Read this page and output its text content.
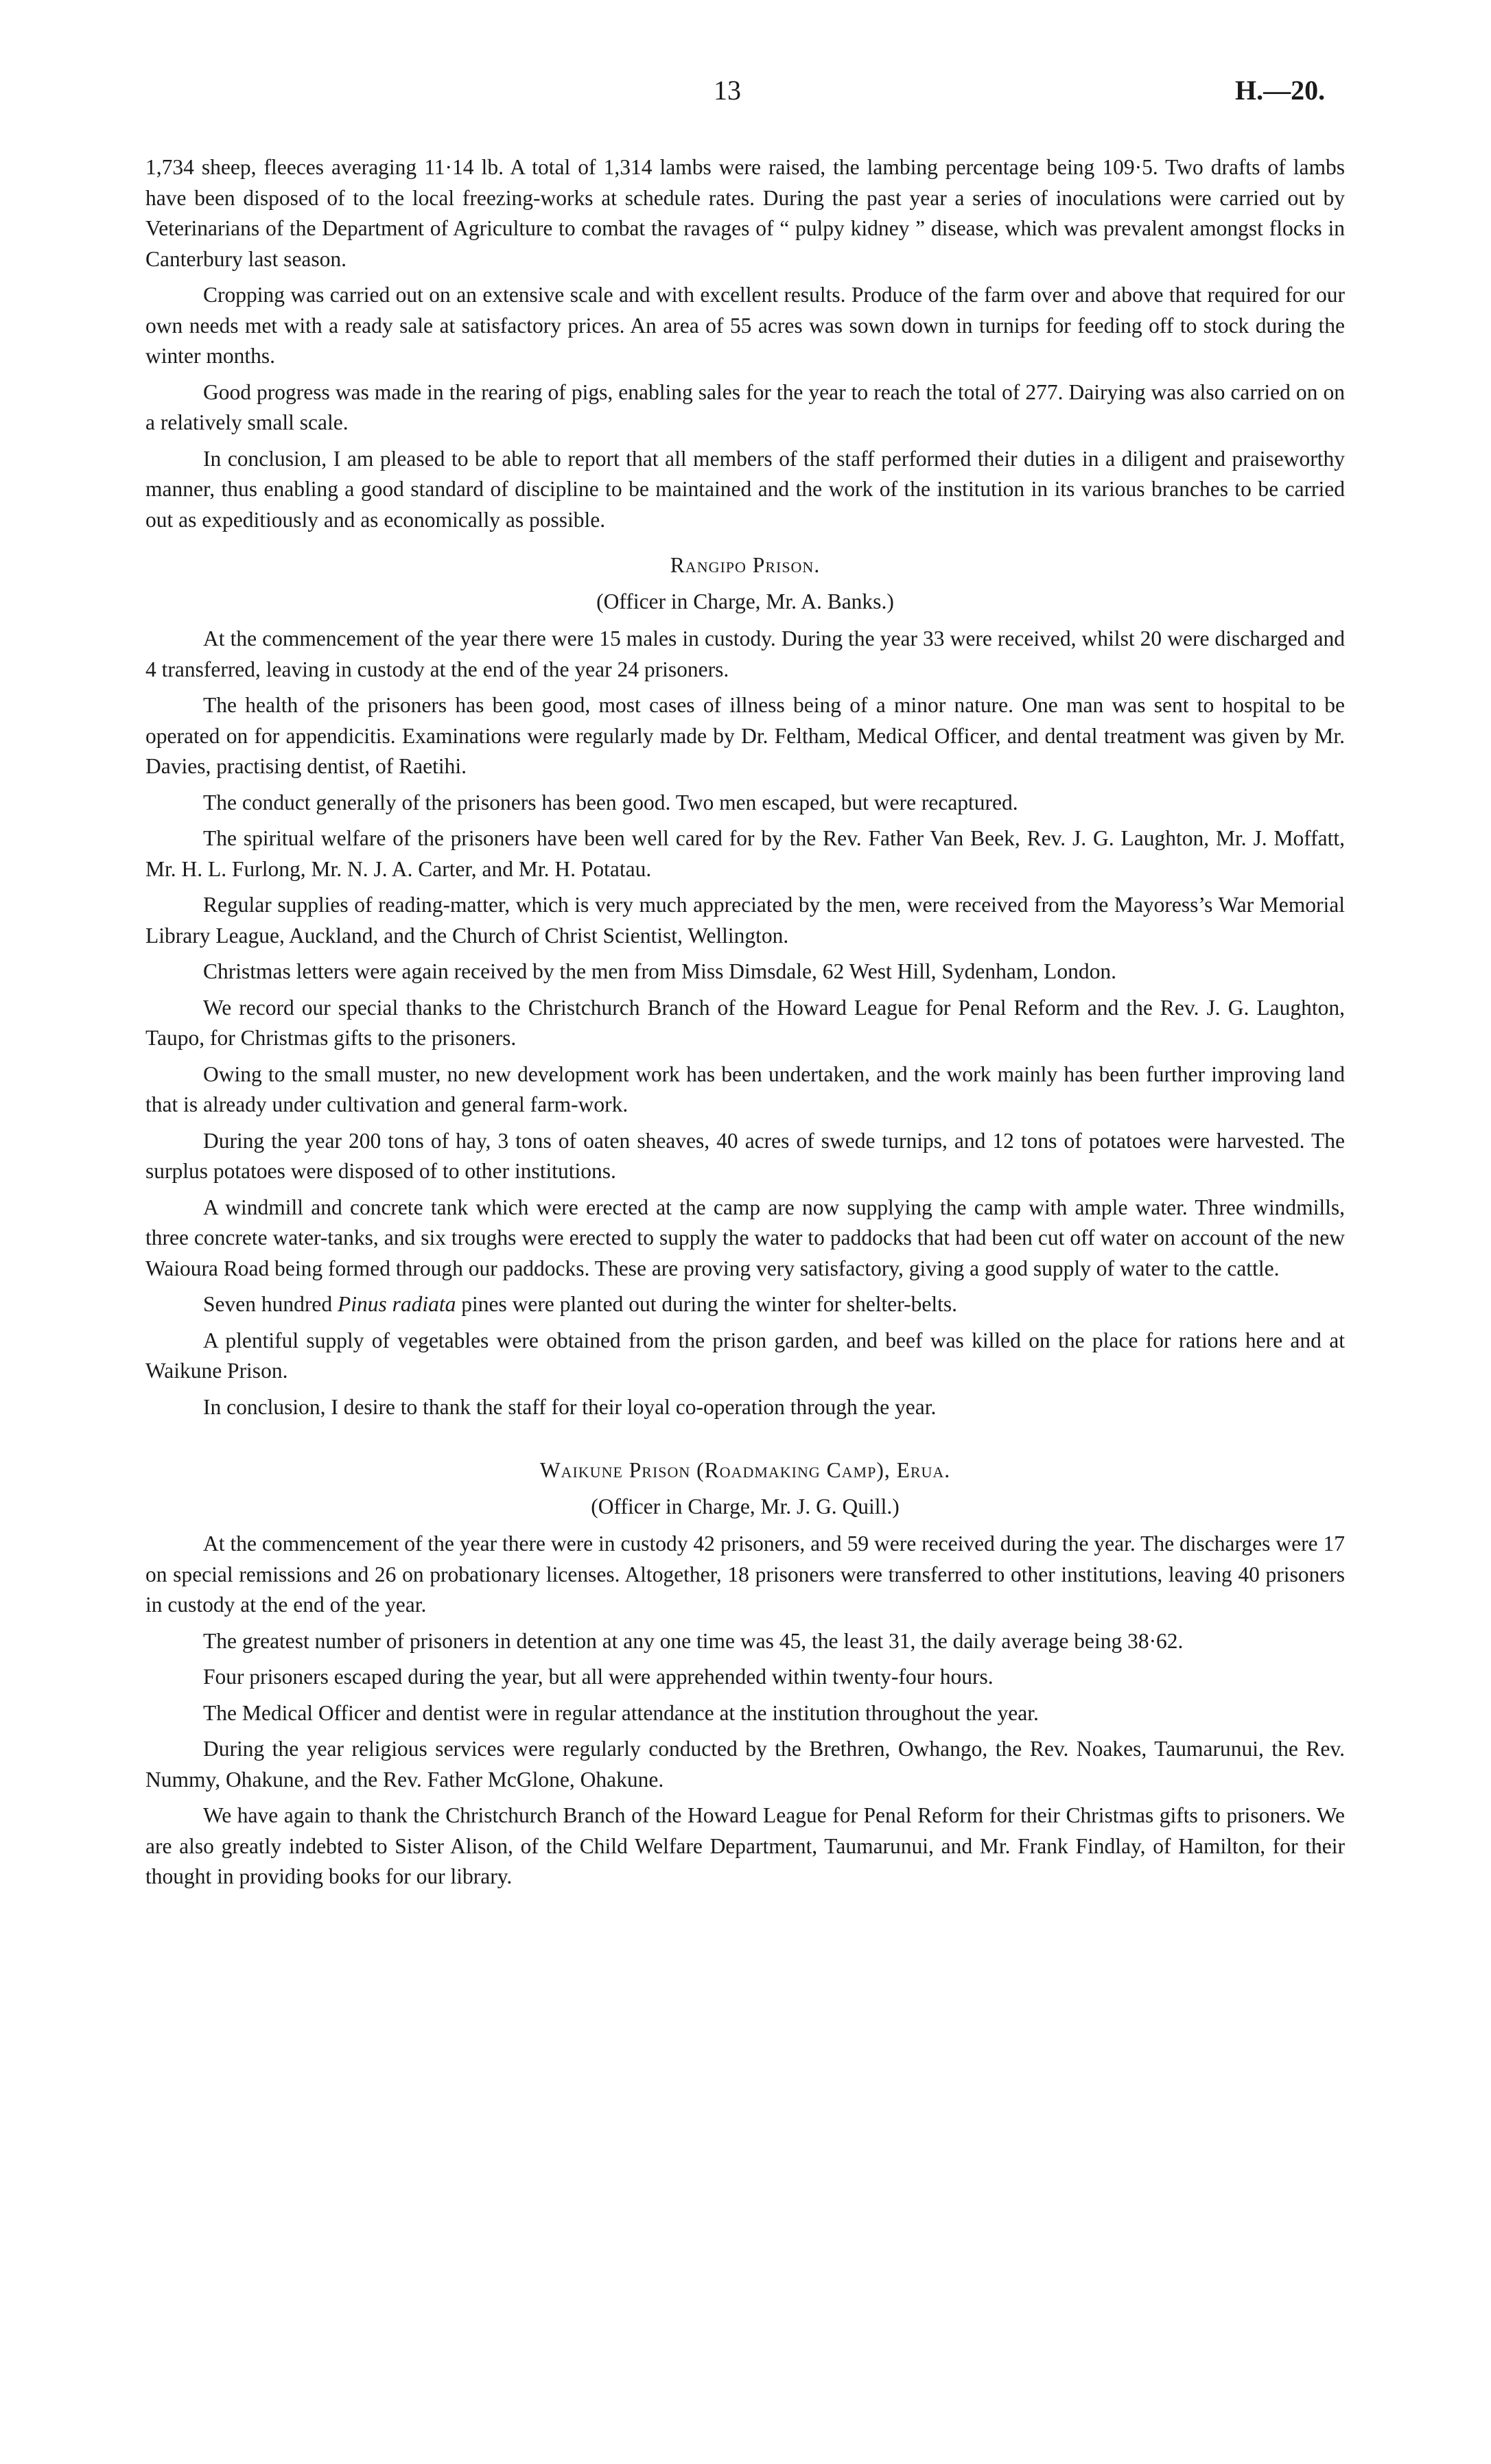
13	H.—20.

1,734 sheep, fleeces averaging 11·14 lb. A total of 1,314 lambs were raised, the lambing percentage being 109·5. Two drafts of lambs have been disposed of to the local freezing-works at schedule rates. During the past year a series of inoculations were carried out by Veterinarians of the Department of Agriculture to combat the ravages of “ pulpy kidney ” disease, which was prevalent amongst flocks in Canterbury last season.

Cropping was carried out on an extensive scale and with excellent results. Produce of the farm over and above that required for our own needs met with a ready sale at satisfactory prices. An area of 55 acres was sown down in turnips for feeding off to stock during the winter months.

Good progress was made in the rearing of pigs, enabling sales for the year to reach the total of 277. Dairying was also carried on on a relatively small scale.

In conclusion, I am pleased to be able to report that all members of the staff performed their duties in a diligent and praiseworthy manner, thus enabling a good standard of discipline to be maintained and the work of the institution in its various branches to be carried out as expeditiously and as economically as possible.

Rangipo Prison.
(Officer in Charge, Mr. A. Banks.)

At the commencement of the year there were 15 males in custody. During the year 33 were received, whilst 20 were discharged and 4 transferred, leaving in custody at the end of the year 24 prisoners.

The health of the prisoners has been good, most cases of illness being of a minor nature. One man was sent to hospital to be operated on for appendicitis. Examinations were regularly made by Dr. Feltham, Medical Officer, and dental treatment was given by Mr. Davies, practising dentist, of Raetihi.

The conduct generally of the prisoners has been good. Two men escaped, but were recaptured.

The spiritual welfare of the prisoners have been well cared for by the Rev. Father Van Beek, Rev. J. G. Laughton, Mr. J. Moffatt, Mr. H. L. Furlong, Mr. N. J. A. Carter, and Mr. H. Potatau.

Regular supplies of reading-matter, which is very much appreciated by the men, were received from the Mayoress’s War Memorial Library League, Auckland, and the Church of Christ Scientist, Wellington.

Christmas letters were again received by the men from Miss Dimsdale, 62 West Hill, Sydenham, London.

We record our special thanks to the Christchurch Branch of the Howard League for Penal Reform and the Rev. J. G. Laughton, Taupo, for Christmas gifts to the prisoners.

Owing to the small muster, no new development work has been undertaken, and the work mainly has been further improving land that is already under cultivation and general farm-work.

During the year 200 tons of hay, 3 tons of oaten sheaves, 40 acres of swede turnips, and 12 tons of potatoes were harvested. The surplus potatoes were disposed of to other institutions.

A windmill and concrete tank which were erected at the camp are now supplying the camp with ample water. Three windmills, three concrete water-tanks, and six troughs were erected to supply the water to paddocks that had been cut off water on account of the new Waioura Road being formed through our paddocks. These are proving very satisfactory, giving a good supply of water to the cattle.

Seven hundred Pinus radiata pines were planted out during the winter for shelter-belts.

A plentiful supply of vegetables were obtained from the prison garden, and beef was killed on the place for rations here and at Waikune Prison.

In conclusion, I desire to thank the staff for their loyal co-operation through the year.

Waikune Prison (Roadmaking Camp), Erua.
(Officer in Charge, Mr. J. G. Quill.)

At the commencement of the year there were in custody 42 prisoners, and 59 were received during the year. The discharges were 17 on special remissions and 26 on probationary licenses. Altogether, 18 prisoners were transferred to other institutions, leaving 40 prisoners in custody at the end of the year.

The greatest number of prisoners in detention at any one time was 45, the least 31, the daily average being 38·62.

Four prisoners escaped during the year, but all were apprehended within twenty-four hours.

The Medical Officer and dentist were in regular attendance at the institution throughout the year.

During the year religious services were regularly conducted by the Brethren, Owhango, the Rev. Noakes, Taumarunui, the Rev. Nummy, Ohakune, and the Rev. Father McGlone, Ohakune.

We have again to thank the Christchurch Branch of the Howard League for Penal Reform for their Christmas gifts to prisoners. We are also greatly indebted to Sister Alison, of the Child Welfare Department, Taumarunui, and Mr. Frank Findlay, of Hamilton, for their thought in providing books for our library.
